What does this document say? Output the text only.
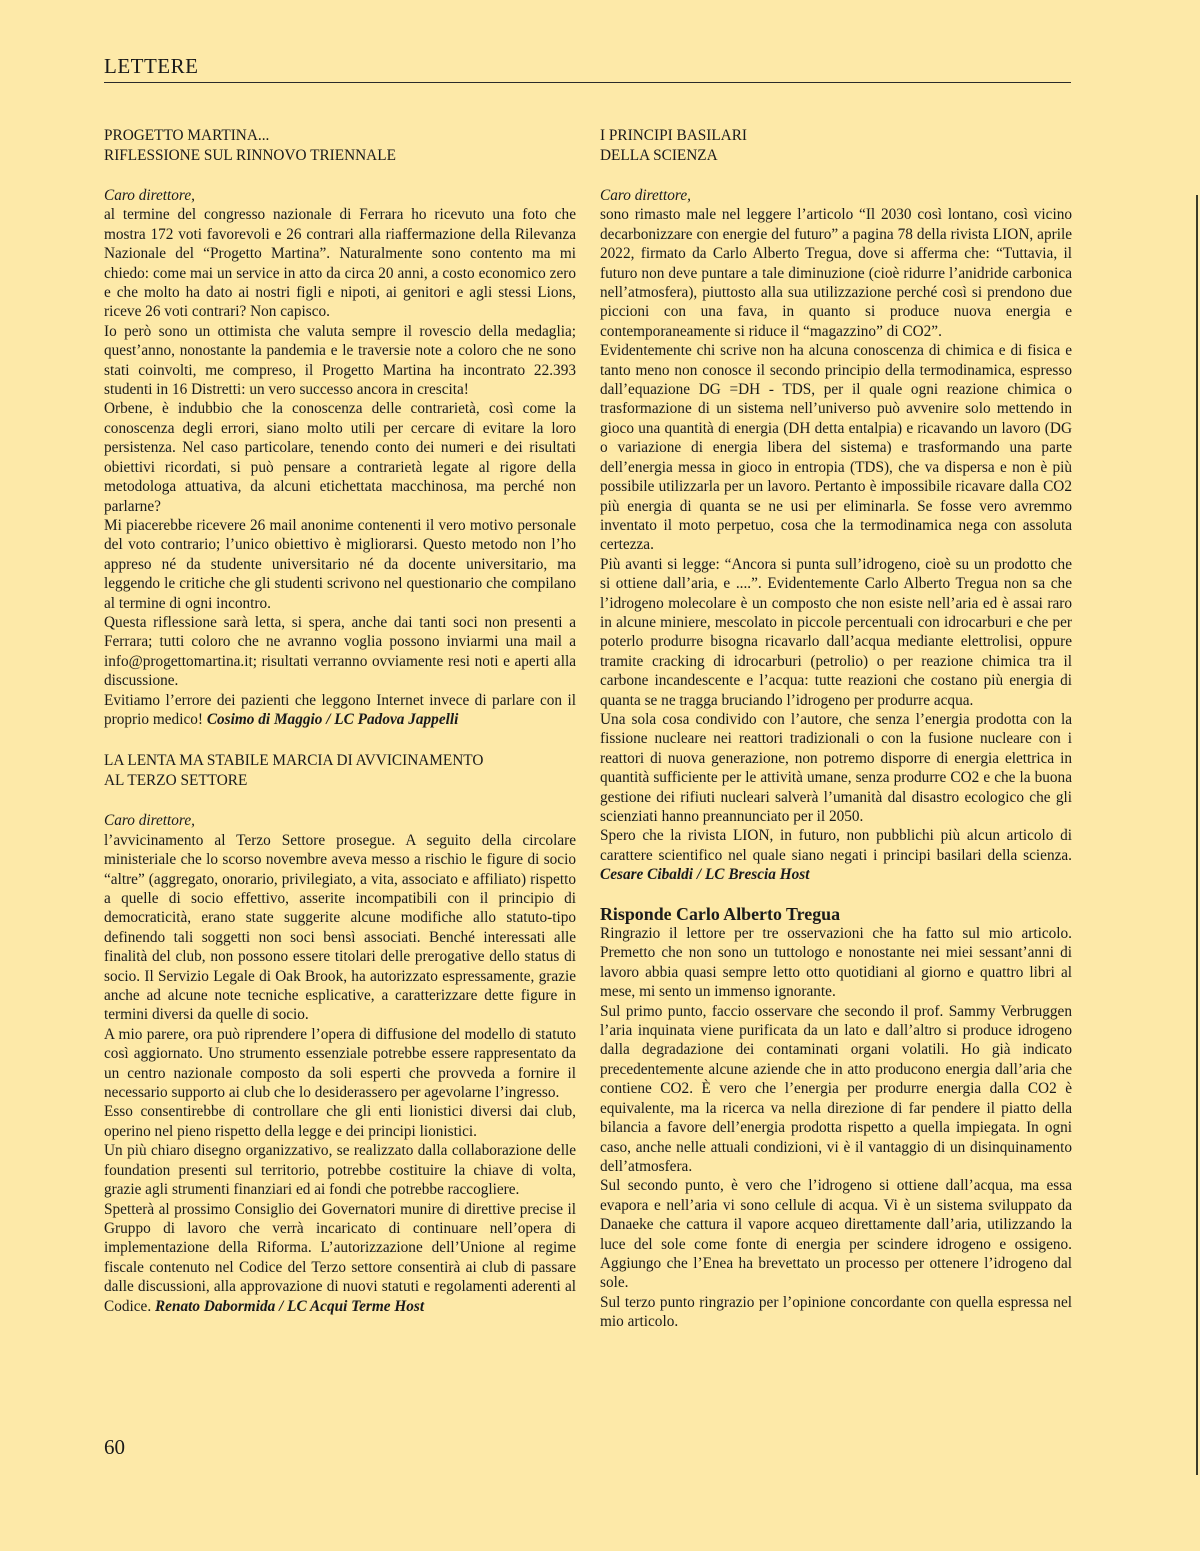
LETTERE
PROGETTO MARTINA...
RIFLESSIONE SUL RINNOVO TRIENNALE
Caro direttore,

al termine del congresso nazionale di Ferrara ho ricevuto una foto che mostra 172 voti favorevoli e 26 contrari alla riaffermazione della Rilevanza Nazionale del “Progetto Martina”. Naturalmente sono contento ma mi chiedo: come mai un service in atto da circa 20 anni, a costo economico zero e che molto ha dato ai nostri figli e nipoti, ai genitori e agli stessi Lions, riceve 26 voti contrari? Non capisco.

Io però sono un ottimista che valuta sempre il rovescio della medaglia; quest’anno, nonostante la pandemia e le traversie note a coloro che ne sono stati coinvolti, me compreso, il Progetto Martina ha incontrato 22.393 studenti in 16 Distretti: un vero successo ancora in crescita!

Orbene, è indubbio che la conoscenza delle contrarietà, così come la conoscenza degli errori, siano molto utili per cercare di evitare la loro persistenza. Nel caso particolare, tenendo conto dei numeri e dei risultati obiettivi ricordati, si può pensare a contrarietà legate al rigore della metodologa attuativa, da alcuni etichettata macchinosa, ma perché non parlarne?

Mi piacerebbe ricevere 26 mail anonime contenenti il vero motivo personale del voto contrario; l’unico obiettivo è migliorarsi. Questo metodo non l’ho appreso né da studente universitario né da docente universitario, ma leggendo le critiche che gli studenti scrivono nel questionario che compilano al termine di ogni incontro.

Questa riflessione sarà letta, si spera, anche dai tanti soci non presenti a Ferrara; tutti coloro che ne avranno voglia possono inviarmi una mail a info@progettomartina.it; risultati verranno ovviamente resi noti e aperti alla discussione.

Evitiamo l’errore dei pazienti che leggono Internet invece di parlare con il proprio medico! Cosimo di Maggio / LC Padova Jappelli

LA LENTA MA STABILE MARCIA DI AVVICINAMENTO
AL TERZO SETTORE
Caro direttore,

l’avvicinamento al Terzo Settore prosegue. A seguito della circolare ministeriale che lo scorso novembre aveva messo a rischio le figure di socio “altre” (aggregato, onorario, privilegiato, a vita, associato e affiliato) rispetto a quelle di socio effettivo, asserite incompatibili con il principio di democraticità, erano state suggerite alcune modifiche allo statuto-tipo definendo tali soggetti non soci bensì associati. Benché interessati alle finalità del club, non possono essere titolari delle prerogative dello status di socio. Il Servizio Legale di Oak Brook, ha autorizzato espressamente, grazie anche ad alcune note tecniche esplicative, a caratterizzare dette figure in termini diversi da quelle di socio.

A mio parere, ora può riprendere l’opera di diffusione del modello di statuto così aggiornato. Uno strumento essenziale potrebbe essere rappresentato da un centro nazionale composto da soli esperti che provveda a fornire il necessario supporto ai club che lo desiderassero per agevolarne l’ingresso.

Esso consentirebbe di controllare che gli enti lionistici diversi dai club, operino nel pieno rispetto della legge e dei principi lionistici.

Un più chiaro disegno organizzativo, se realizzato dalla collaborazione delle foundation presenti sul territorio, potrebbe costituire la chiave di volta, grazie agli strumenti finanziari ed ai fondi che potrebbe raccogliere.

Spetterà al prossimo Consiglio dei Governatori munire di direttive precise il Gruppo di lavoro che verrà incaricato di continuare nell’opera di implementazione della Riforma. L’autorizzazione dell’Unione al regime fiscale contenuto nel Codice del Terzo settore consentirà ai club di passare dalle discussioni, alla approvazione di nuovi statuti e regolamenti aderenti al Codice. Renato Dabormida / LC Acqui Terme Host

I PRINCIPI BASILARI
DELLA SCIENZA
Caro direttore,

sono rimasto male nel leggere l’articolo “Il 2030 così lontano, così vicino decarbonizzare con energie del futuro” a pagina 78 della rivista LION, aprile 2022, firmato da Carlo Alberto Tregua, dove si afferma che: “Tuttavia, il futuro non deve puntare a tale diminuzione (cioè ridurre l’anidride carbonica nell’atmosfera), piuttosto alla sua utilizzazione perché così si prendono due piccioni con una fava, in quanto si produce nuova energia e contemporaneamente si riduce il “magazzino” di CO2”.

Evidentemente chi scrive non ha alcuna conoscenza di chimica e di fisica e tanto meno non conosce il secondo principio della termodinamica, espresso dall’equazione DG =DH - TDS, per il quale ogni reazione chimica o trasformazione di un sistema nell’universo può avvenire solo mettendo in gioco una quantità di energia (DH detta entalpia) e ricavando un lavoro (DG o variazione di energia libera del sistema) e trasformando una parte dell’energia messa in gioco in entropia (TDS), che va dispersa e non è più possibile utilizzarla per un lavoro. Pertanto è impossibile ricavare dalla CO2 più energia di quanta se ne usi per eliminarla. Se fosse vero avremmo inventato il moto perpetuo, cosa che la termodinamica nega con assoluta certezza.

Più avanti si legge: “Ancora si punta sull’idrogeno, cioè su un prodotto che si ottiene dall’aria, e ....”. Evidentemente Carlo Alberto Tregua non sa che l’idrogeno molecolare è un composto che non esiste nell’aria ed è assai raro in alcune miniere, mescolato in piccole percentuali con idrocarburi e che per poterlo produrre bisogna ricavarlo dall’acqua mediante elettrolisi, oppure tramite cracking di idrocarburi (petrolio) o per reazione chimica tra il carbone incandescente e l’acqua: tutte reazioni che costano più energia di quanta se ne tragga bruciando l’idrogeno per produrre acqua.

Una sola cosa condivido con l’autore, che senza l’energia prodotta con la fissione nucleare nei reattori tradizionali o con la fusione nucleare con i reattori di nuova generazione, non potremo disporre di energia elettrica in quantità sufficiente per le attività umane, senza produrre CO2 e che la buona gestione dei rifiuti nucleari salverà l’umanità dal disastro ecologico che gli scienziati hanno preannunciato per il 2050.

Spero che la rivista LION, in futuro, non pubblichi più alcun articolo di carattere scientifico nel quale siano negati i principi basilari della scienza. Cesare Cibaldi / LC Brescia Host

Risponde Carlo Alberto Tregua

Ringrazio il lettore per tre osservazioni che ha fatto sul mio articolo. Premetto che non sono un tuttologo e nonostante nei miei sessant’anni di lavoro abbia quasi sempre letto otto quotidiani al giorno e quattro libri al mese, mi sento un immenso ignorante.

Sul primo punto, faccio osservare che secondo il prof. Sammy Verbruggen l’aria inquinata viene purificata da un lato e dall’altro si produce idrogeno dalla degradazione dei contaminati organi volatili. Ho già indicato precedentemente alcune aziende che in atto producono energia dall’aria che contiene CO2. È vero che l’energia per produrre energia dalla CO2 è equivalente, ma la ricerca va nella direzione di far pendere il piatto della bilancia a favore dell’energia prodotta rispetto a quella impiegata. In ogni caso, anche nelle attuali condizioni, vi è il vantaggio di un disinquinamento dell’atmosfera.

Sul secondo punto, è vero che l’idrogeno si ottiene dall’acqua, ma essa evapora e nell’aria vi sono cellule di acqua. Vi è un sistema sviluppato da Danaeke che cattura il vapore acqueo direttamente dall’aria, utilizzando la luce del sole come fonte di energia per scindere idrogeno e ossigeno. Aggiungo che l’Enea ha brevettato un processo per ottenere l’idrogeno dal sole.

Sul terzo punto ringrazio per l’opinione concordante con quella espressa nel mio articolo.

60
